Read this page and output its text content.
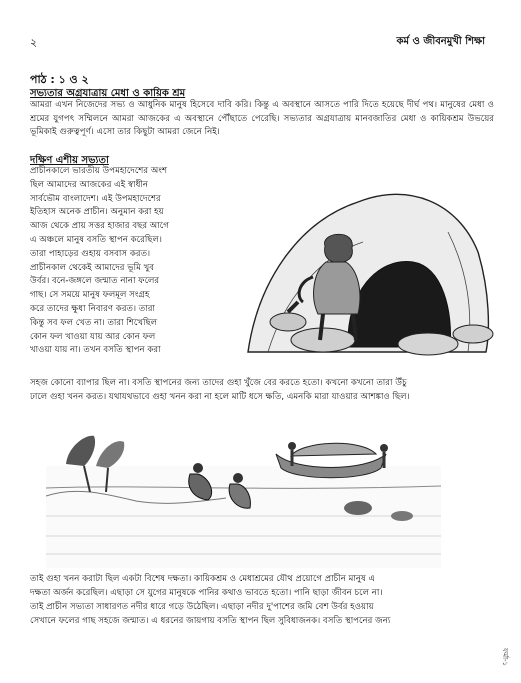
২	কর্ম ও জীবনমুখী শিক্ষা
পাঠ : ১ ও ২
সভ্যতার অগ্রযাত্রায় মেধা ও কায়িক শ্রম
আমরা এখন নিজেদের সভ্য ও আধুনিক মানুষ হিসেবে দাবি করি। কিন্তু এ অবস্থানে আসতে পারি দিতে হয়েছে দীর্ঘ পথ। মানুষের মেধা ও শ্রমের যুগপৎ সম্মিলনে আমরা আজকের এ অবস্থানে পৌঁছাতে পেরেছি। সভ্যতার অগ্রযাত্রায় মানবজাতির মেধা ও কায়িকশ্রম উভয়ের ভূমিকাই গুরুত্বপূর্ণ। এসো তার কিছুটা আমরা জেনে নিই।
দক্ষিণ এশীয় সভ্যতা
প্রাচীনকালে ভারতীয় উপমহাদেশের অংশ
ছিল আমাদের আজকের এই স্বাধীন
সার্বভৌম বাংলাদেশ। এই উপমহাদেশের
ইতিহাস অনেক প্রাচীন। অনুমান করা হয়
আজ থেকে প্রায় সত্তর হাজার বছর আগে
এ অঞ্চলে মানুষ বসতি স্থাপন করেছিল।
তারা পাহাড়ের গুহায় বসবাস করত।
প্রাচীনকাল থেকেই আমাদের ভূমি খুব
উর্বর। বনে-জঙ্গলে জন্মাত নানা ফলের
গাছ। সে সময়ে মানুষ ফলমূল সংগ্রহ
করে তাদের ক্ষুধা নিবারণ করত। তারা
কিন্তু সব ফল খেত না। তারা শিখেছিল
কোন ফল খাওয়া যায় আর কোন ফল
খাওয়া যায় না। তখন বসতি স্থাপন করা
সহজ কোনো ব্যাপার ছিল না। বসতি স্থাপনের জন্য তাদের গুহা খুঁজে বের করতে হতো। কখনো কখনো তারা উঁচু
ঢালে গুহা খনন করত। যথাযথভাবে গুহা খনন করা না হলে মাটি ধসে ক্ষতি, এমনকি মারা যাওয়ার আশঙ্কাও ছিল।
তাই গুহা খনন করাটা ছিল একটা বিশেষ দক্ষতা। কায়িকশ্রম ও মেধাশ্রমের যৌথ প্রয়োগে প্রাচীন মানুষ এ
দক্ষতা অর্জন করেছিল। এছাড়া সে যুগের মানুষকে পানির কথাও ভাবতে হতো। পানি ছাড়া জীবন চলে না।
তাই প্রাচীন সভ্যতা সাধারণত নদীর ধারে গড়ে উঠেছিল। এছাড়া নদীর দু'পাশের জমি বেশ উর্বর হওয়ায়
সেখানে ফলের গাছ সহজে জন্মাত। এ ধরনের জায়গায় বসতি স্থাপন ছিল সুবিধাজনক। বসতি স্থাপনের জন্য
ফর্মা-১
